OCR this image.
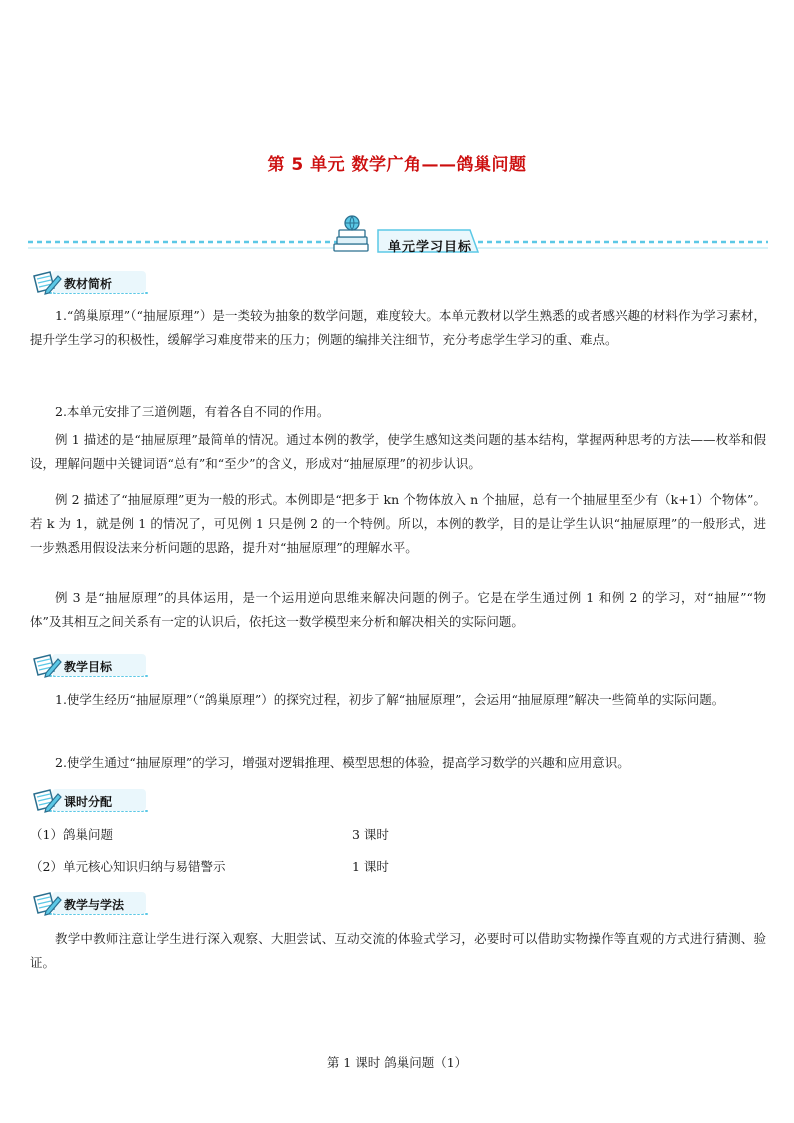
第 5 单元 数学广角——鸽巢问题
单元学习目标
教材简析
1.“鸽巢原理”（“抽屉原理”）是一类较为抽象的数学问题，难度较大。本单元教材以学生熟悉的或者感兴趣的材料作为学习素材，提升学生学习的积极性，缓解学习难度带来的压力；例题的编排关注细节，充分考虑学生学习的重、难点。
2.本单元安排了三道例题，有着各自不同的作用。
例 1 描述的是“抽屉原理”最简单的情况。通过本例的教学，使学生感知这类问题的基本结构，掌握两种思考的方法——枚举和假设，理解问题中关键词语“总有”和“至少”的含义，形成对“抽屉原理”的初步认识。
例 2 描述了“抽屉原理”更为一般的形式。本例即是“把多于 kn 个物体放入 n 个抽屉，总有一个抽屉里至少有（k+1）个物体”。若 k 为 1，就是例 1 的情况了，可见例 1 只是例 2 的一个特例。所以，本例的教学，目的是让学生认识“抽屉原理”的一般形式，进一步熟悉用假设法来分析问题的思路，提升对“抽屉原理”的理解水平。
例 3 是“抽屉原理”的具体运用，是一个运用逆向思维来解决问题的例子。它是在学生通过例 1 和例 2 的学习，对“抽屉”“物体”及其相互之间关系有一定的认识后，依托这一数学模型来分析和解决相关的实际问题。
教学目标
1.使学生经历“抽屉原理”（“鸽巢原理”）的探究过程，初步了解“抽屉原理”，会运用“抽屉原理”解决一些简单的实际问题。
2.使学生通过“抽屉原理”的学习，增强对逻辑推理、模型思想的体验，提高学习数学的兴趣和应用意识。
课时分配
（1）鸽巢问题	3 课时
（2）单元核心知识归纳与易错警示	1 课时
教学与学法
教学中教师注意让学生进行深入观察、大胆尝试、互动交流的体验式学习，必要时可以借助实物操作等直观的方式进行猜测、验证。
第 1 课时 鸽巢问题（1）
